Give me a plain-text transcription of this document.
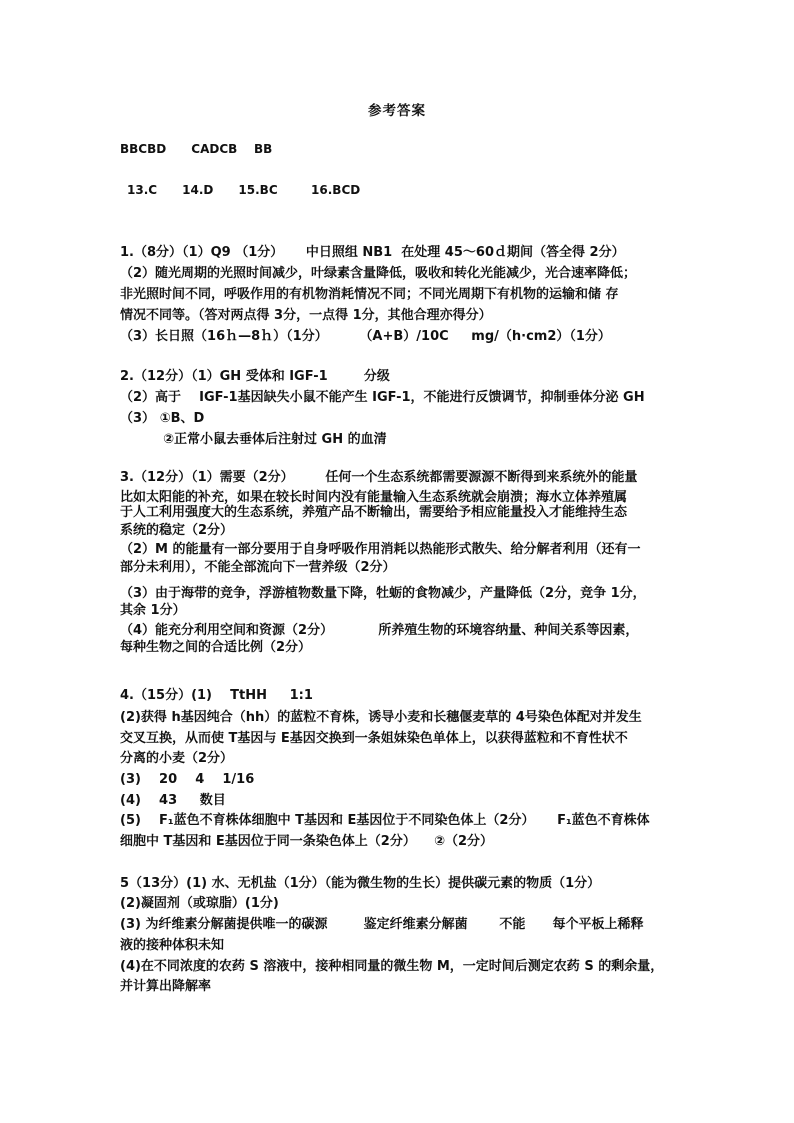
参考答案
BBCBD      CADCB    BB
13.C      14.D      15.BC        16.BCD
1.（8分）（1）Q9 （1分）     中日照组 NB1  在处理 45～60ｄ期间（答全得 2分）
（2）随光周期的光照时间减少，叶绿素含量降低，吸收和转化光能减少，光合速率降低；
非光照时间不同，呼吸作用的有机物消耗情况不同；不同光周期下有机物的运输和储 存
情况不同等。（答对两点得 3分，一点得 1分，其他合理亦得分）
（3）长日照（16ｈ—8ｈ）（1分）       （A+B）/10C     mg/（h·cm2）（1分）
2.（12分）（1）GH 受体和 IGF-1        分级
（2）高于    IGF-1基因缺失小鼠不能产生 IGF-1，不能进行反馈调节，抑制垂体分泌 GH
（3） ①B、D
②正常小鼠去垂体后注射过 GH 的血清
3.（12分）（1）需要（2分）       任何一个生态系统都需要源源不断得到来系统外的能量
比如太阳能的补充，如果在较长时间内没有能量输入生态系统就会崩溃；海水立体养殖属
于人工利用强度大的生态系统，养殖产品不断输出，需要给予相应能量投入才能维持生态
系统的稳定（2分）
（2）M 的能量有一部分要用于自身呼吸作用消耗以热能形式散失、给分解者利用（还有一
部分未利用），不能全部流向下一营养级（2分）
（3）由于海带的竞争，浮游植物数量下降，牡蛎的食物减少，产量降低（2分，竞争 1分，
其余 1分）
（4）能充分利用空间和资源（2分）          所养殖生物的环境容纳量、种间关系等因素，
每种生物之间的合适比例（2分）
4.（15分）(1)    TtHH     1:1
(2)获得 h基因纯合（hh）的蓝粒不育株，诱导小麦和长穗偃麦草的 4号染色体配对并发生
交叉互换，从而使 T基因与 E基因交换到一条姐妹染色单体上，以获得蓝粒和不育性状不
分离的小麦（2分）
(3)    20    4    1/16
(4)    43     数目
(5)    F₁蓝色不育株体细胞中 T基因和 E基因位于不同染色体上（2分）     F₁蓝色不育株体
细胞中 T基因和 E基因位于同一条染色体上（2分）    ②（2分）
5（13分）(1) 水、无机盐（1分）（能为微生物的生长）提供碳元素的物质（1分）
(2)凝固剂（或琼脂）(1分)
(3) 为纤维素分解菌提供唯一的碳源        鉴定纤维素分解菌       不能      每个平板上稀释
液的接种体积未知
(4)在不同浓度的农药 S 溶液中，接种相同量的微生物 M，一定时间后测定农药 S 的剩余量，
并计算出降解率
